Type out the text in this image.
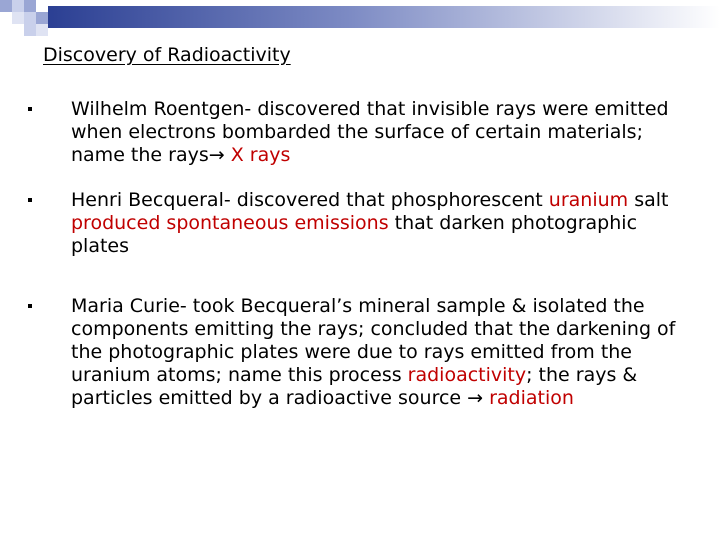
Discovery of Radioactivity
Wilhelm Roentgen- discovered that invisible rays were emitted when electrons bombarded the surface of certain materials; name the rays→ X rays
Henri Becqueral- discovered that phosphorescent uranium salt produced spontaneous emissions that darken photographic plates
Maria Curie- took Becqueral’s mineral sample & isolated the components emitting the rays; concluded that the darkening of the photographic plates were due to rays emitted from the uranium atoms; name this process radioactivity; the rays & particles emitted by a radioactive source → radiation
